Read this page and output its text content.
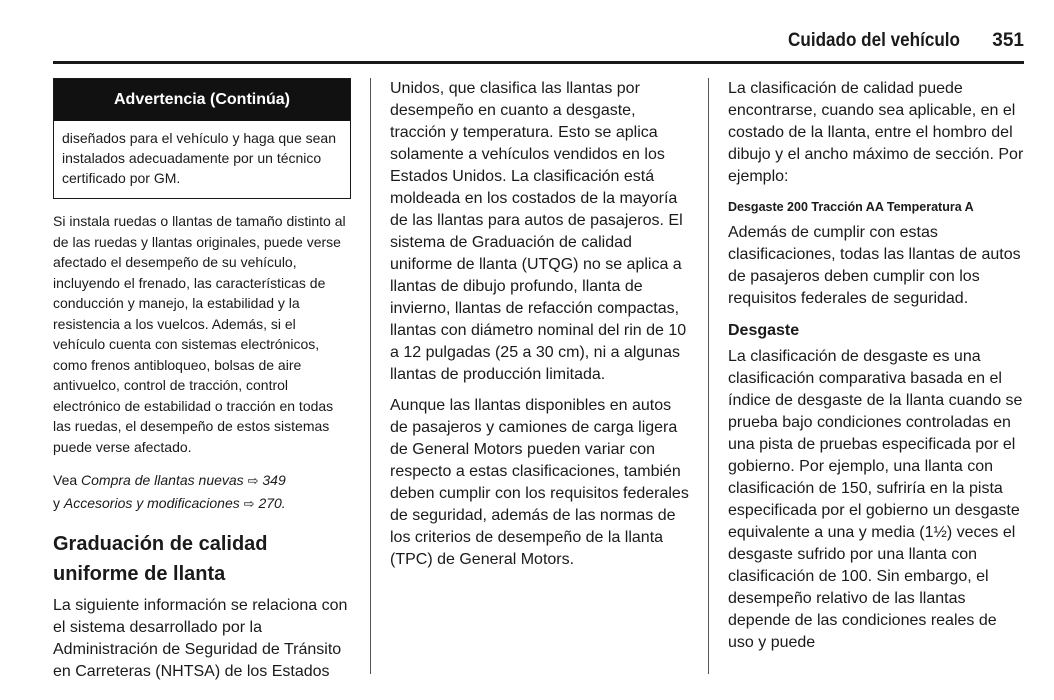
Cuidado del vehículo	351
Advertencia (Continúa)
diseñados para el vehículo y haga que sean instalados adecuadamente por un técnico certificado por GM.

Si instala ruedas o llantas de tamaño distinto al de las ruedas y llantas originales, puede verse afectado el desempeño de su vehículo, incluyendo el frenado, las características de conducción y manejo, la estabilidad y la resistencia a los vuelcos. Además, si el vehículo cuenta con sistemas electrónicos, como frenos antibloqueo, bolsas de aire antivuelco, control de tracción, control electrónico de estabilidad o tracción en todas las ruedas, el desempeño de estos sistemas puede verse afectado.

Vea Compra de llantas nuevas ⇨ 349
y Accesorios y modificaciones ⇨ 270.
Graduación de calidad uniforme de llanta

La siguiente información se relaciona con el sistema desarrollado por la Administración de Seguridad de Tránsito en Carreteras (NHTSA) de los Estados

Unidos, que clasifica las llantas por desempeño en cuanto a desgaste, tracción y temperatura. Esto se aplica solamente a vehículos vendidos en los Estados Unidos. La clasificación está moldeada en los costados de la mayoría de las llantas para autos de pasajeros. El sistema de Graduación de calidad uniforme de llanta (UTQG) no se aplica a llantas de dibujo profundo, llanta de invierno, llantas de refacción compactas, llantas con diámetro nominal del rin de 10 a 12 pulgadas (25 a 30 cm), ni a algunas llantas de producción limitada.

Aunque las llantas disponibles en autos de pasajeros y camiones de carga ligera de General Motors pueden variar con respecto a estas clasificaciones, también deben cumplir con los requisitos federales de seguridad, además de las normas de los criterios de desempeño de la llanta (TPC) de General Motors.

La clasificación de calidad puede encontrarse, cuando sea aplicable, en el costado de la llanta, entre el hombro del dibujo y el ancho máximo de sección. Por ejemplo:

Desgaste 200 Tracción AA Temperatura A

Además de cumplir con estas clasificaciones, todas las llantas de autos de pasajeros deben cumplir con los requisitos federales de seguridad.

Desgaste

La clasificación de desgaste es una clasificación comparativa basada en el índice de desgaste de la llanta cuando se prueba bajo condiciones controladas en una pista de pruebas especificada por el gobierno. Por ejemplo, una llanta con clasificación de 150, sufriría en la pista especificada por el gobierno un desgaste equivalente a una y media (1½) veces el desgaste sufrido por una llanta con clasificación de 100. Sin embargo, el desempeño relativo de las llantas depende de las condiciones reales de uso y puede
